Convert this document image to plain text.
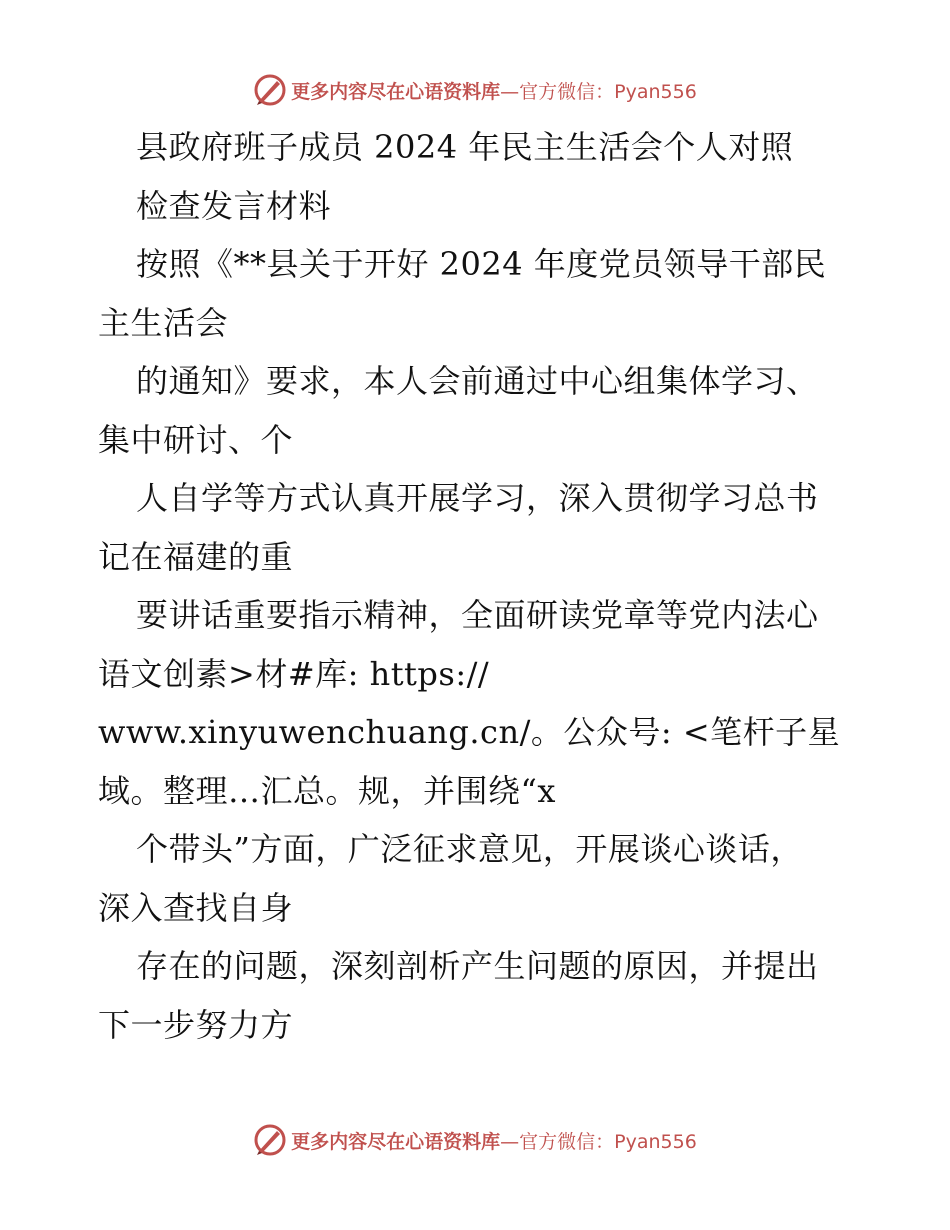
更多内容尽在心语资料库 —官方微信：Pyan556
县政府班子成员 2024 年民主生活会个人对照
检查发言材料
按照《**县关于开好 2024 年度党员领导干部民
主生活会
的通知》要求，本人会前通过中心组集体学习、
集中研讨、个
人自学等方式认真开展学习，深入贯彻学习总书
记在福建的重
要讲话重要指示精神，全面研读党章等党内法心
语文创素>材#库: https://
www.xinyuwenchuang.cn/。公众号: <笔杆子星
域。整理…汇总。规，并围绕“x
个带头”方面，广泛征求意见，开展谈心谈话，
深入查找自身
存在的问题，深刻剖析产生问题的原因，并提出
下一步努力方
更多内容尽在心语资料库 —官方微信：Pyan556
